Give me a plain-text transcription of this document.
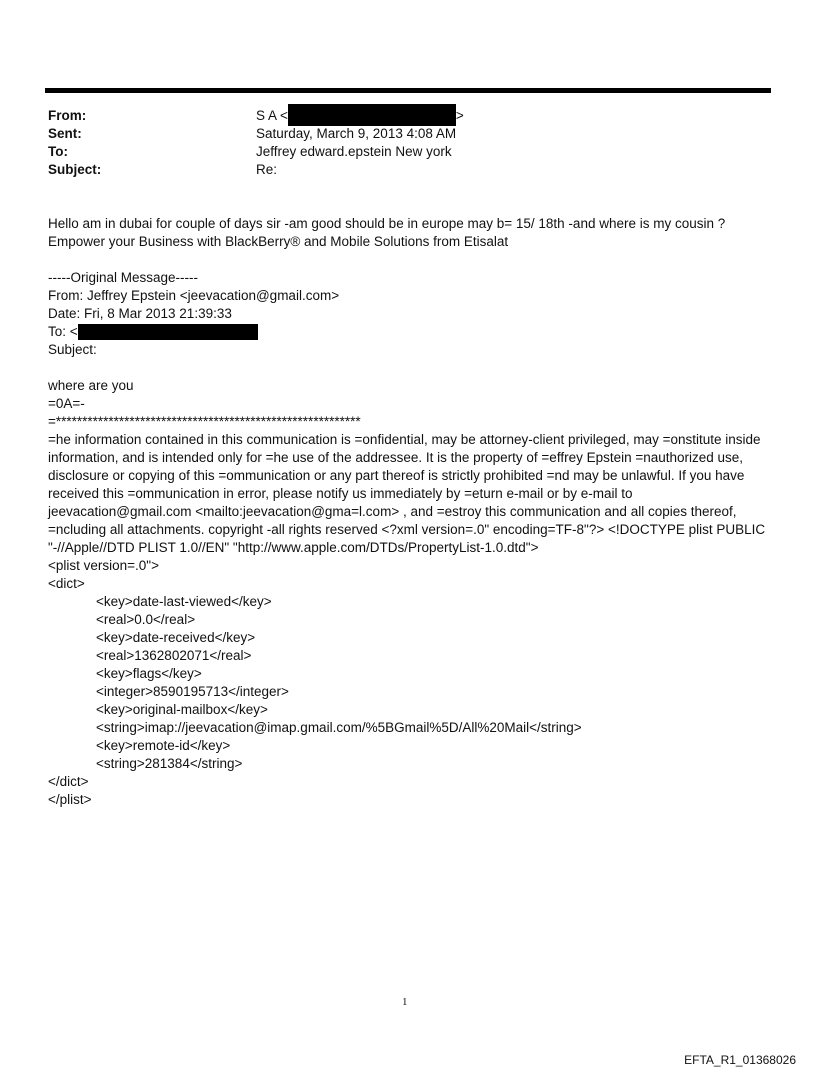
From:	S A <	>
Sent:	Saturday, March 9, 2013 4:08 AM
To:	Jeffrey edward.epstein New york
Subject:	Re:
Hello am in dubai for couple of days sir -am good should be in europe may b= 15/ 18th -and where is my cousin ?
Empower your Business with BlackBerry® and Mobile Solutions from Etisalat
-----Original Message-----
From: Jeffrey Epstein <jeevacation@gmail.com>
Date: Fri, 8 Mar 2013 21:39:33
To: <
Subject:
where are you
=0A=-
=**********************************************************
=he information contained in this communication is =onfidential, may be attorney-client privileged, may =onstitute inside information, and is intended only for =he use of the addressee. It is the property of =effrey Epstein =nauthorized use, disclosure or copying of this =ommunication or any part thereof is strictly prohibited =nd may be unlawful. If you have received this =ommunication in error, please notify us immediately by =eturn e-mail or by e-mail to jeevacation@gmail.com <mailto:jeevacation@gma=l.com> , and =estroy this communication and all copies thereof, =ncluding all attachments. copyright -all rights reserved <?xml version=.0" encoding=TF-8"?> <!DOCTYPE plist PUBLIC "-//Apple//DTD PLIST 1.0//EN" "http://www.apple.com/DTDs/PropertyList-1.0.dtd">
<plist version=.0">
<dict>
<key>date-last-viewed</key>
<real>0.0</real>
<key>date-received</key>
<real>1362802071</real>
<key>flags</key>
<integer>8590195713</integer>
<key>original-mailbox</key>
<string>imap://jeevacation@imap.gmail.com/%5BGmail%5D/All%20Mail</string>
<key>remote-id</key>
<string>281384</string>
</dict>
</plist>
1
EFTA_R1_01368026
